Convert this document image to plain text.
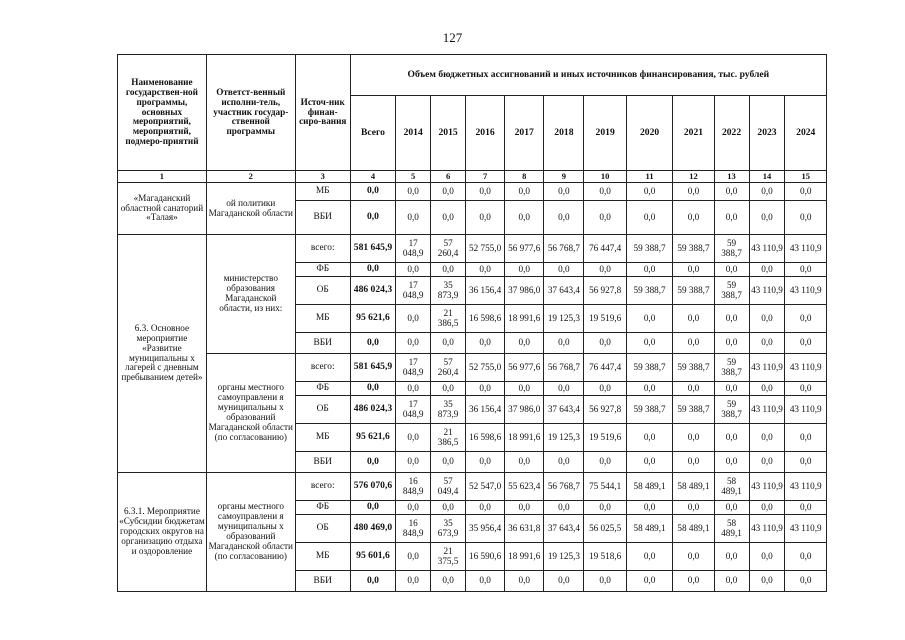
127
Наименование государствен-ной программы, основных мероприятий, мероприятий, подмеро-приятий	Ответст-венный исполни-тель, участник государ-ственной программы	Источ-ник финан-сиро-вания	Объем бюджетных ассигнований и иных источников финансирования, тыс. рублей											
			Всего	2014	2015	2016	2017	2018	2019	2020	2021	2022	2023	2024
1	2	3	4	5	6	7	8	9	10	11	12	13	14	15
«Магаданский областной санаторий «Талая»	ой политики Магаданской области	МБ	0,0	0,0	0,0	0,0	0,0	0,0	0,0	0,0	0,0	0,0	0,0	0,0
		ВБИ	0,0	0,0	0,0	0,0	0,0	0,0	0,0	0,0	0,0	0,0	0,0	0,0
6.3. Основное мероприятие «Развитие муниципальны х лагерей с дневным пребыванием детей»	министерство образования Магаданской области, из них:	всего:	581 645,9	17 048,9	57 260,4	52 755,0	56 977,6	56 768,7	76 447,4	59 388,7	59 388,7	59 388,7	43 110,9	43 110,9
		ФБ	0,0	0,0	0,0	0,0	0,0	0,0	0,0	0,0	0,0	0,0	0,0	0,0
		ОБ	486 024,3	17 048,9	35 873,9	36 156,4	37 986,0	37 643,4	56 927,8	59 388,7	59 388,7	59 388,7	43 110,9	43 110,9
		МБ	95 621,6	0,0	21 386,5	16 598,6	18 991,6	19 125,3	19 519,6	0,0	0,0	0,0	0,0	0,0
		ВБИ	0,0	0,0	0,0	0,0	0,0	0,0	0,0	0,0	0,0	0,0	0,0	0,0
	органы местного самоуправлени я муниципальны х образований Магаданской области (по согласованию)	всего:	581 645,9	17 048,9	57 260,4	52 755,0	56 977,6	56 768,7	76 447,4	59 388,7	59 388,7	59 388,7	43 110,9	43 110,9
		ФБ	0,0	0,0	0,0	0,0	0,0	0,0	0,0	0,0	0,0	0,0	0,0	0,0
		ОБ	486 024,3	17 048,9	35 873,9	36 156,4	37 986,0	37 643,4	56 927,8	59 388,7	59 388,7	59 388,7	43 110,9	43 110,9
		МБ	95 621,6	0,0	21 386,5	16 598,6	18 991,6	19 125,3	19 519,6	0,0	0,0	0,0	0,0	0,0
		ВБИ	0,0	0,0	0,0	0,0	0,0	0,0	0,0	0,0	0,0	0,0	0,0	0,0
6.3.1. Мероприятие «Субсидии бюджетам городских округов на организацию отдыха и оздоровление	органы местного самоуправлени я муниципальны х образований Магаданской области (по согласованию)	всего:	576 070,6	16 848,9	57 049,4	52 547,0	55 623,4	56 768,7	75 544,1	58 489,1	58 489,1	58 489,1	43 110,9	43 110,9
		ФБ	0,0	0,0	0,0	0,0	0,0	0,0	0,0	0,0	0,0	0,0	0,0	0,0
		ОБ	480 469,0	16 848,9	35 673,9	35 956,4	36 631,8	37 643,4	56 025,5	58 489,1	58 489,1	58 489,1	43 110,9	43 110,9
		МБ	95 601,6	0,0	21 375,5	16 590,6	18 991,6	19 125,3	19 518,6	0,0	0,0	0,0	0,0	0,0
		ВБИ	0,0	0,0	0,0	0,0	0,0	0,0	0,0	0,0	0,0	0,0	0,0	0,0
